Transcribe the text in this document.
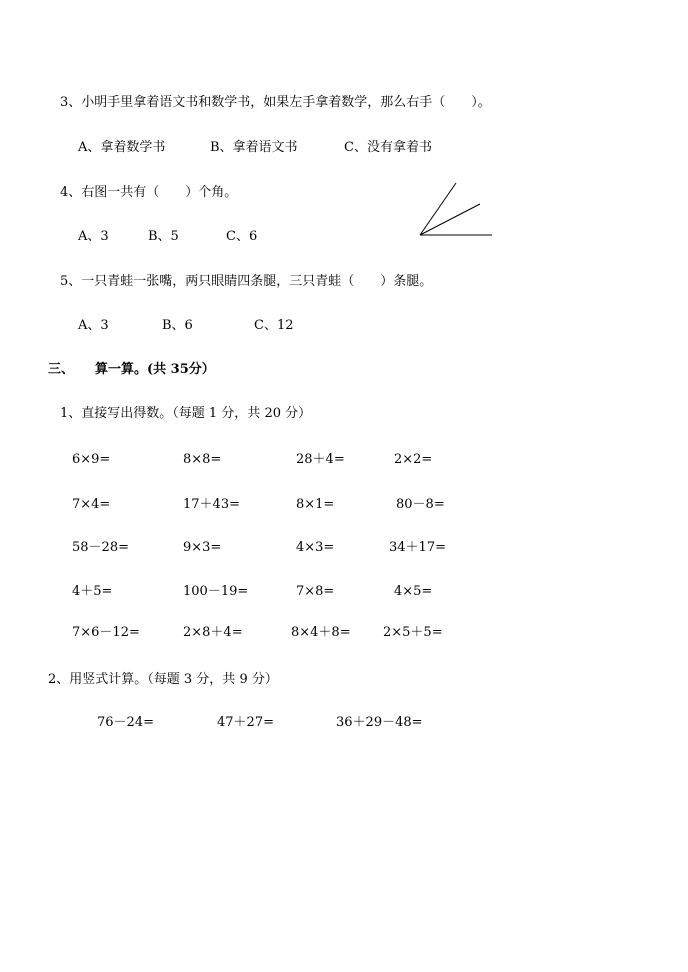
3、小明手里拿着语文书和数学书，如果左手拿着数学，那么右手（　　）。
A、拿着数学书	B、拿着语文书	C、没有拿着书
4、右图一共有（　　）个角。
A、3	B、5	C、6
5、一只青蛙一张嘴，两只眼睛四条腿，三只青蛙（　　）条腿。
A、3	B、6	C、12
三、 算一算。(共 35分）
1、直接写出得数。（每题 1 分，共 20 分）
6×9=	8×8=	28＋4=	2×2=
7×4=	17＋43=	8×1=	80－8=
58－28=	9×3=	4×3=	34＋17=
4＋5=	100－19=	7×8=	4×5=
7×6－12=	2×8＋4=	8×4＋8= 2×5＋5=
2、用竖式计算。（每题 3 分，共 9 分）
76－24=	47＋27=	36＋29－48=
